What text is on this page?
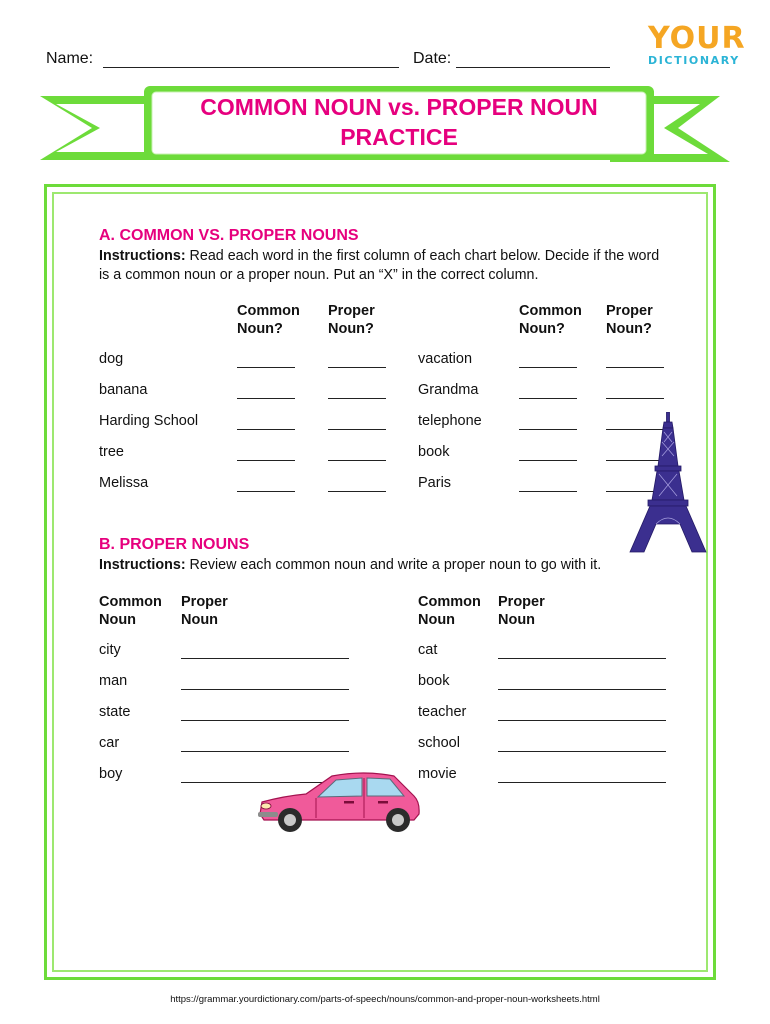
Name:	Date:
YOUR
DICTIONARY
COMMON NOUN vs. PROPER NOUN
PRACTICE
A. COMMON VS. PROPER NOUNS
Instructions: Read each word in the first column of each chart below. Decide if the word is a common noun or a proper noun. Put an “X” in the correct column.
Common
Noun?
Proper
Noun?
Common
Noun?
Proper
Noun?
dog
banana
Harding School
tree
Melissa
vacation
Grandma
telephone
book
Paris
B. PROPER NOUNS
Instructions: Review each common noun and write a proper noun to go with it.
Common
Noun
Proper
Noun
Common
Noun
Proper
Noun
city
man
state
car
boy
cat
book
teacher
school
movie
https://grammar.yourdictionary.com/parts-of-speech/nouns/common-and-proper-noun-worksheets.html
